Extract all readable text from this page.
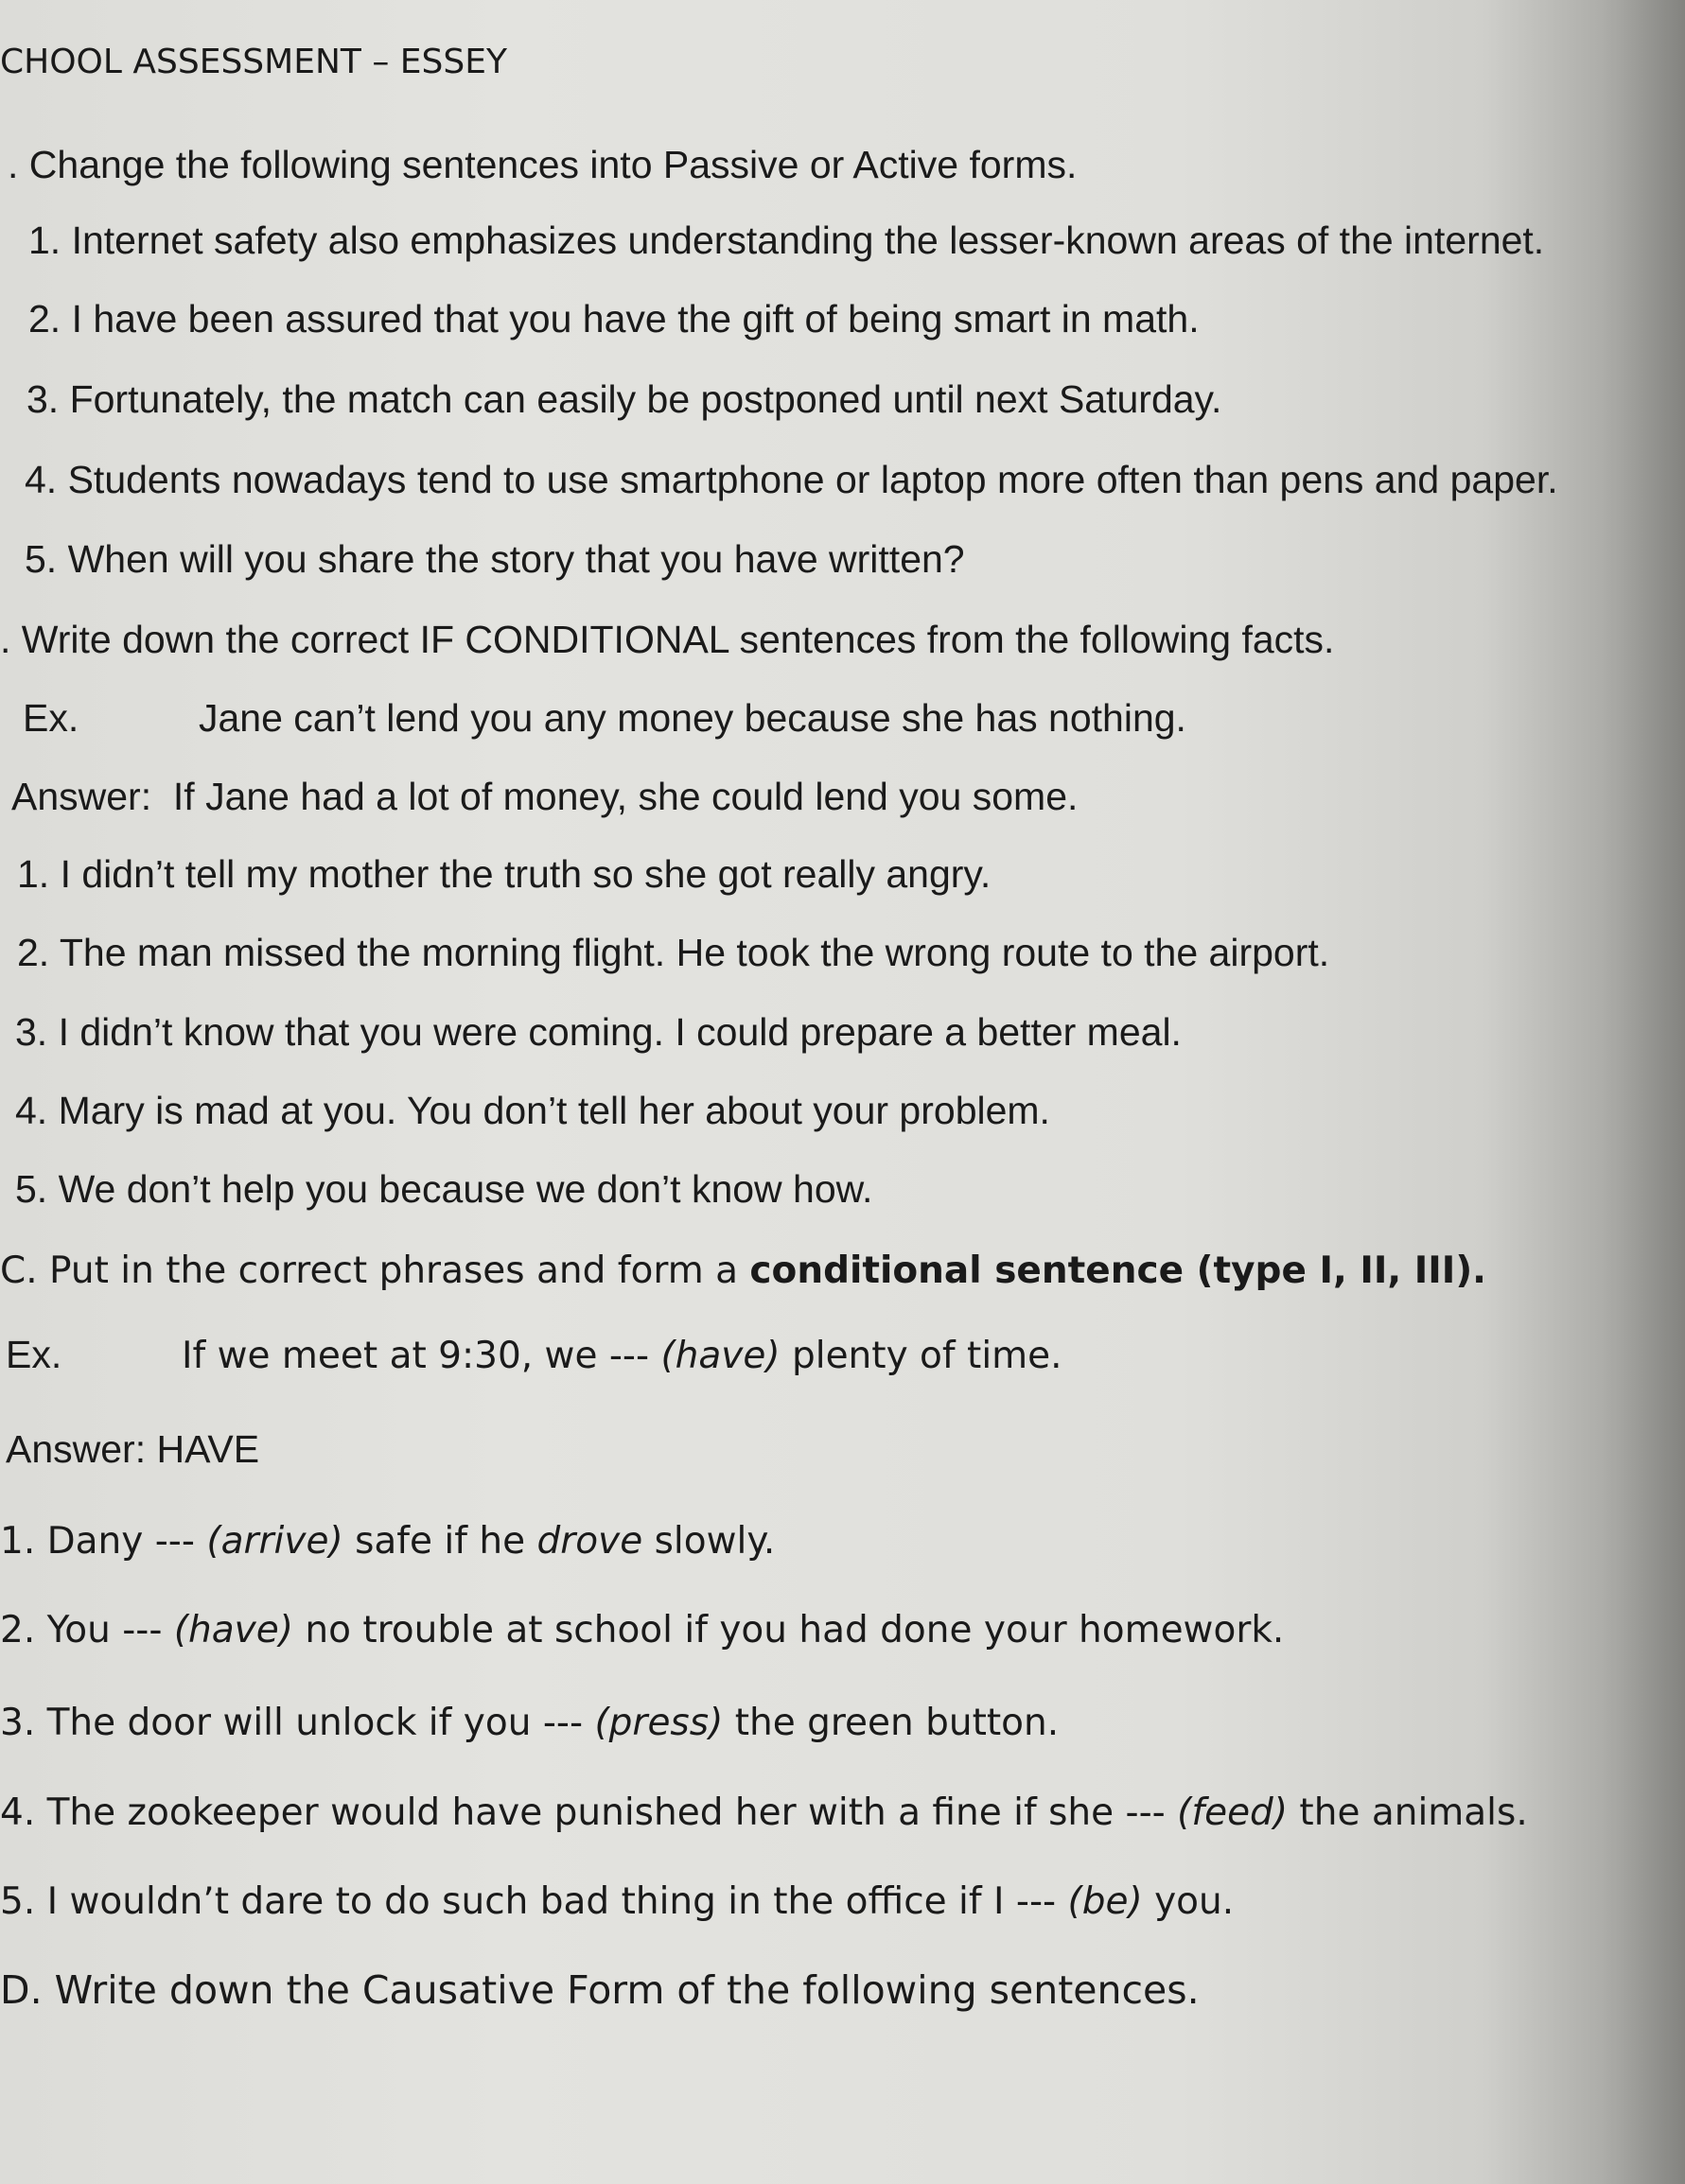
CHOOL ASSESSMENT – ESSEY
. Change the following sentences into Passive or Active forms.
1. Internet safety also emphasizes understanding the lesser-known areas of the internet.
2. I have been assured that you have the gift of being smart in math.
3. Fortunately, the match can easily be postponed until next Saturday.
4. Students nowadays tend to use smartphone or laptop more often than pens and paper.
5. When will you share the story that you have written?
. Write down the correct IF CONDITIONAL sentences from the following facts.
Ex.	Jane can’t lend you any money because she has nothing.
Answer: If Jane had a lot of money, she could lend you some.
1. I didn’t tell my mother the truth so she got really angry.
2. The man missed the morning flight. He took the wrong route to the airport.
3. I didn’t know that you were coming. I could prepare a better meal.
4. Mary is mad at you. You don’t tell her about your problem.
5. We don’t help you because we don’t know how.
C. Put in the correct phrases and form a conditional sentence (type I, II, III).
Ex.	If we meet at 9:30, we --- (have) plenty of time.
Answer: HAVE
1. Dany --- (arrive) safe if he drove slowly.
2. You --- (have) no trouble at school if you had done your homework.
3. The door will unlock if you --- (press) the green button.
4. The zookeeper would have punished her with a fine if she --- (feed) the animals.
5. I wouldn’t dare to do such bad thing in the office if I --- (be) you.
D. Write down the Causative Form of the following sentences.
